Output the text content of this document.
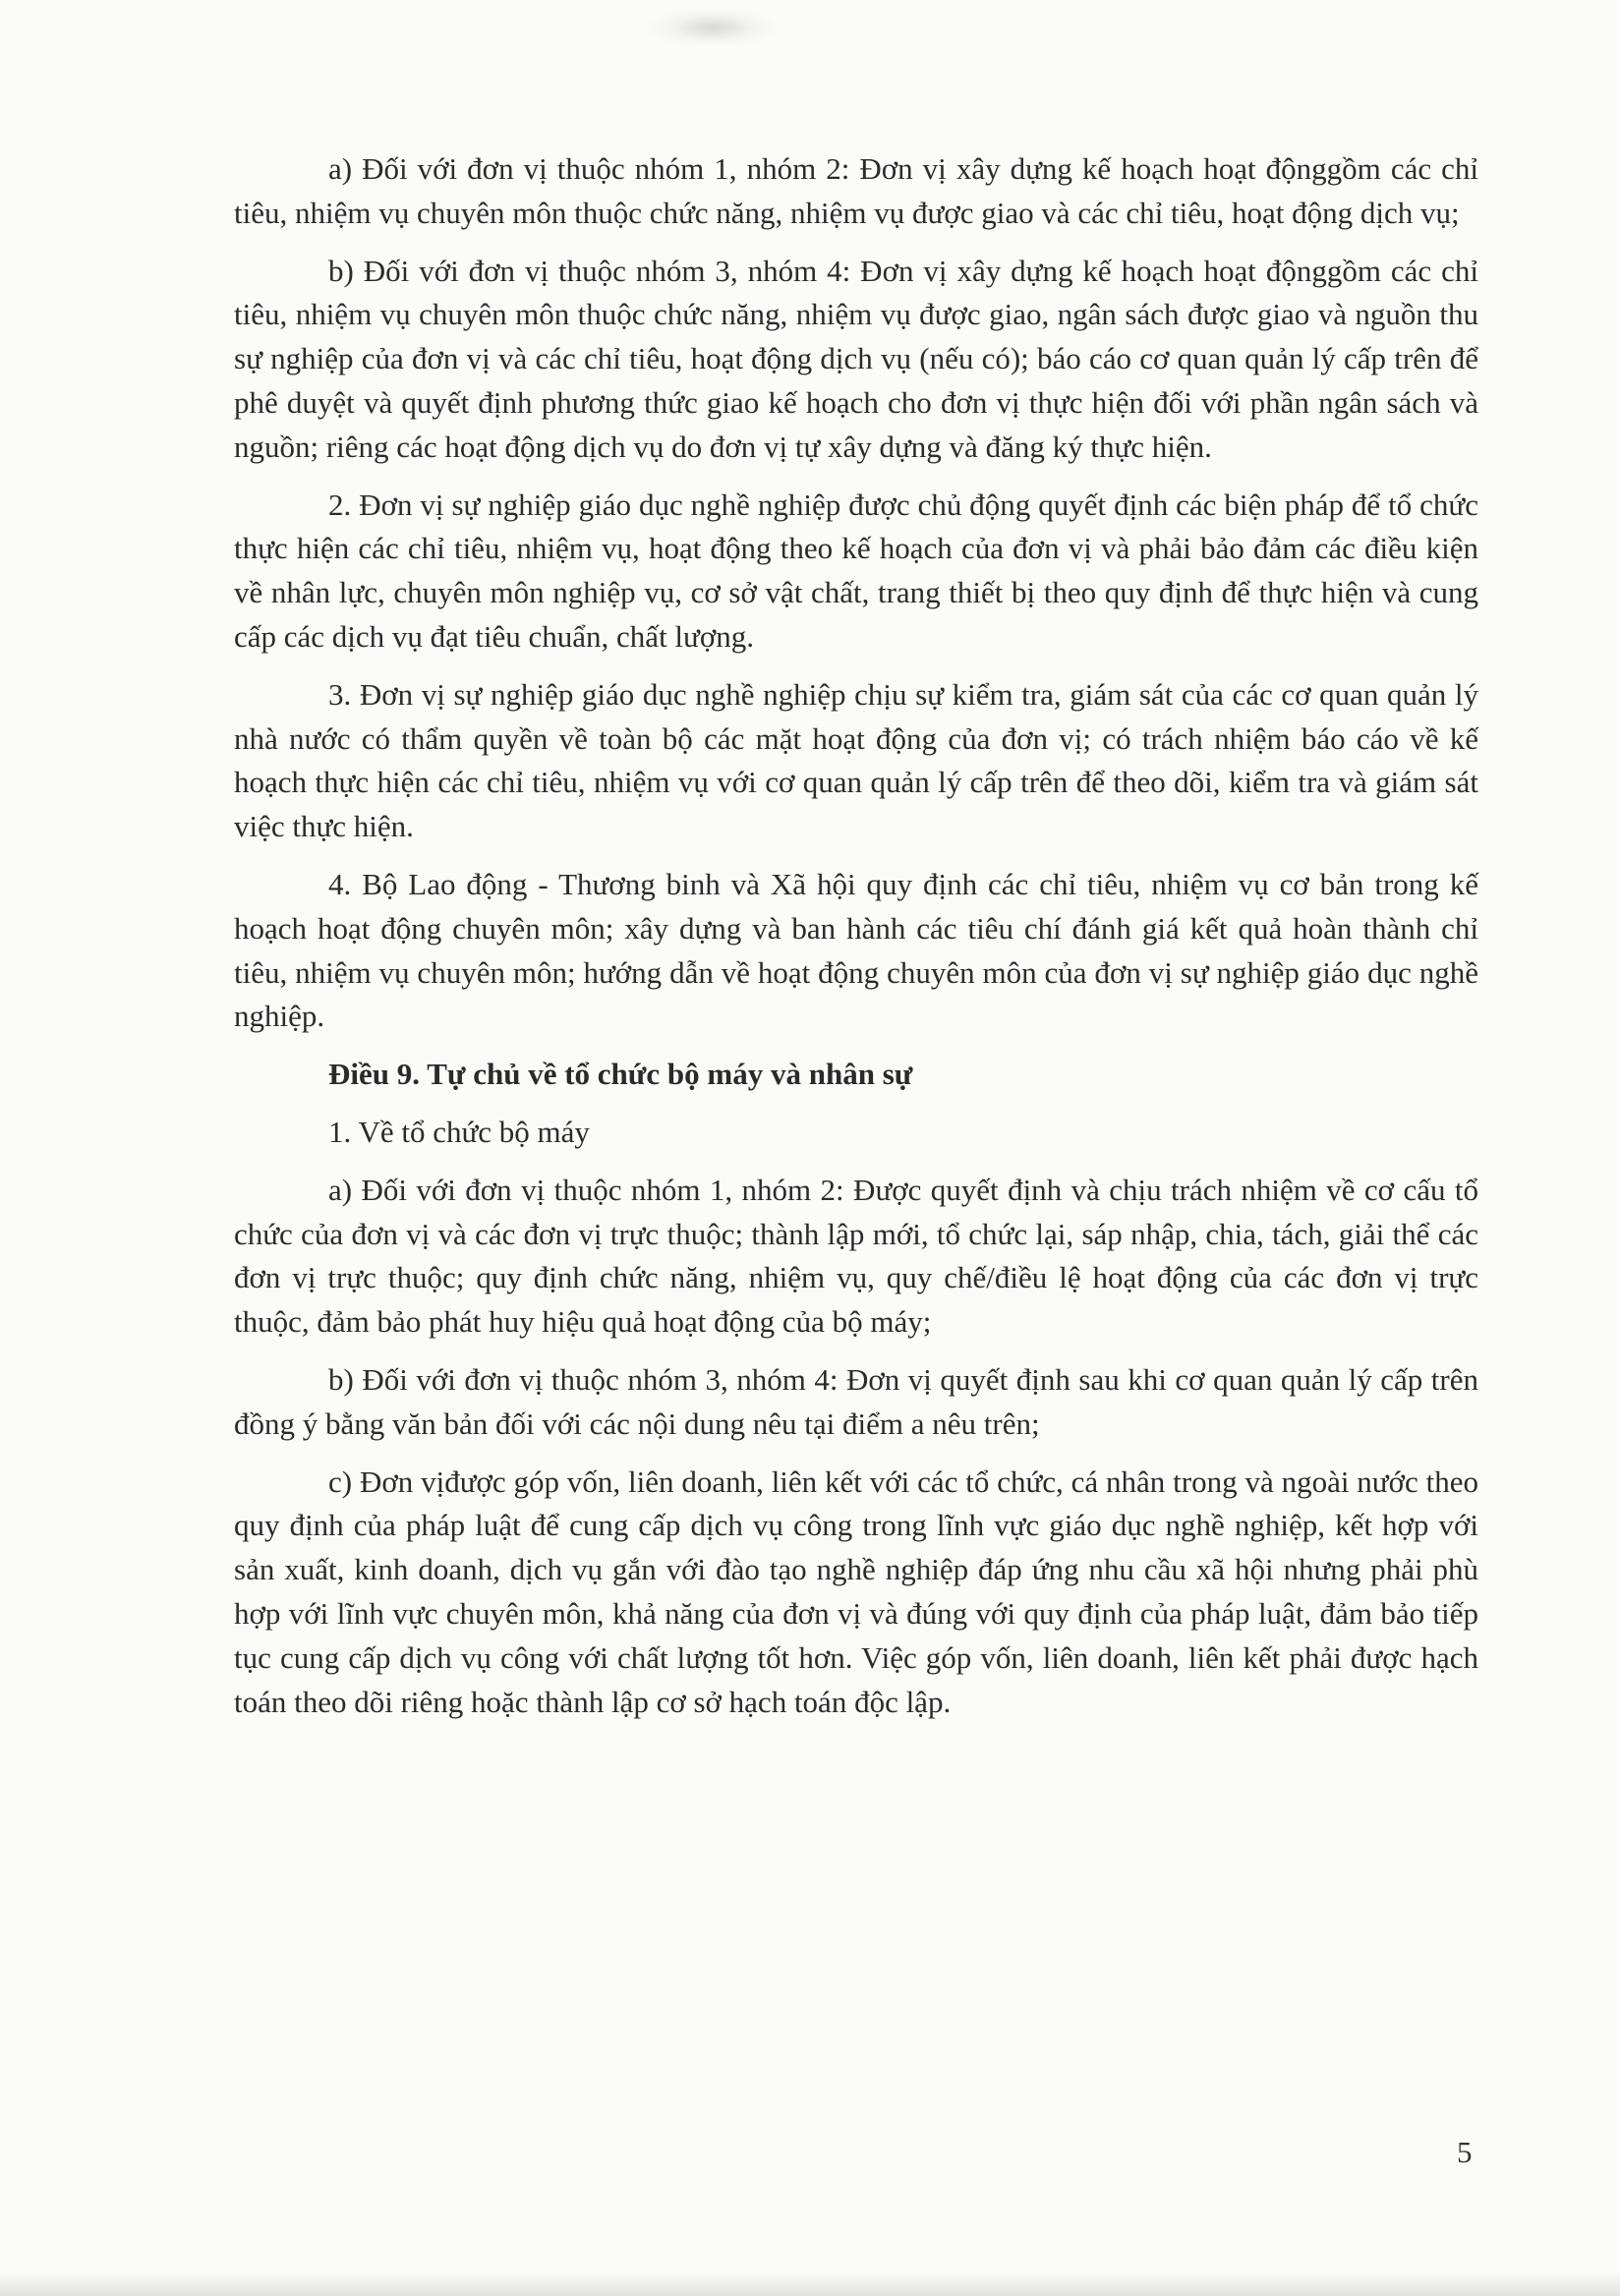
a) Đối với đơn vị thuộc nhóm 1, nhóm 2: Đơn vị xây dựng kế hoạch hoạt độnggồm các chỉ tiêu, nhiệm vụ chuyên môn thuộc chức năng, nhiệm vụ được giao và các chỉ tiêu, hoạt động dịch vụ;

b) Đối với đơn vị thuộc nhóm 3, nhóm 4: Đơn vị xây dựng kế hoạch hoạt độnggồm các chỉ tiêu, nhiệm vụ chuyên môn thuộc chức năng, nhiệm vụ được giao, ngân sách được giao và nguồn thu sự nghiệp của đơn vị và các chỉ tiêu, hoạt động dịch vụ (nếu có); báo cáo cơ quan quản lý cấp trên để phê duyệt và quyết định phương thức giao kế hoạch cho đơn vị thực hiện đối với phần ngân sách và nguồn; riêng các hoạt động dịch vụ do đơn vị tự xây dựng và đăng ký thực hiện.

2. Đơn vị sự nghiệp giáo dục nghề nghiệp được chủ động quyết định các biện pháp để tổ chức thực hiện các chỉ tiêu, nhiệm vụ, hoạt động theo kế hoạch của đơn vị và phải bảo đảm các điều kiện về nhân lực, chuyên môn nghiệp vụ, cơ sở vật chất, trang thiết bị theo quy định để thực hiện và cung cấp các dịch vụ đạt tiêu chuẩn, chất lượng.

3. Đơn vị sự nghiệp giáo dục nghề nghiệp chịu sự kiểm tra, giám sát của các cơ quan quản lý nhà nước có thẩm quyền về toàn bộ các mặt hoạt động của đơn vị; có trách nhiệm báo cáo về kế hoạch thực hiện các chỉ tiêu, nhiệm vụ với cơ quan quản lý cấp trên để theo dõi, kiểm tra và giám sát việc thực hiện.

4. Bộ Lao động - Thương binh và Xã hội quy định các chỉ tiêu, nhiệm vụ cơ bản trong kế hoạch hoạt động chuyên môn; xây dựng và ban hành các tiêu chí đánh giá kết quả hoàn thành chỉ tiêu, nhiệm vụ chuyên môn; hướng dẫn về hoạt động chuyên môn của đơn vị sự nghiệp giáo dục nghề nghiệp.

Điều 9. Tự chủ về tổ chức bộ máy và nhân sự

1. Về tổ chức bộ máy

a) Đối với đơn vị thuộc nhóm 1, nhóm 2: Được quyết định và chịu trách nhiệm về cơ cấu tổ chức của đơn vị và các đơn vị trực thuộc; thành lập mới, tổ chức lại, sáp nhập, chia, tách, giải thể các đơn vị trực thuộc; quy định chức năng, nhiệm vụ, quy chế/điều lệ hoạt động của các đơn vị trực thuộc, đảm bảo phát huy hiệu quả hoạt động của bộ máy;

b) Đối với đơn vị thuộc nhóm 3, nhóm 4: Đơn vị quyết định sau khi cơ quan quản lý cấp trên đồng ý bằng văn bản đối với các nội dung nêu tại điểm a nêu trên;

c) Đơn vịđược góp vốn, liên doanh, liên kết với các tổ chức, cá nhân trong và ngoài nước theo quy định của pháp luật để cung cấp dịch vụ công trong lĩnh vực giáo dục nghề nghiệp, kết hợp với sản xuất, kinh doanh, dịch vụ gắn với đào tạo nghề nghiệp đáp ứng nhu cầu xã hội nhưng phải phù hợp với lĩnh vực chuyên môn, khả năng của đơn vị và đúng với quy định của pháp luật, đảm bảo tiếp tục cung cấp dịch vụ công với chất lượng tốt hơn. Việc góp vốn, liên doanh, liên kết phải được hạch toán theo dõi riêng hoặc thành lập cơ sở hạch toán độc lập.

5
